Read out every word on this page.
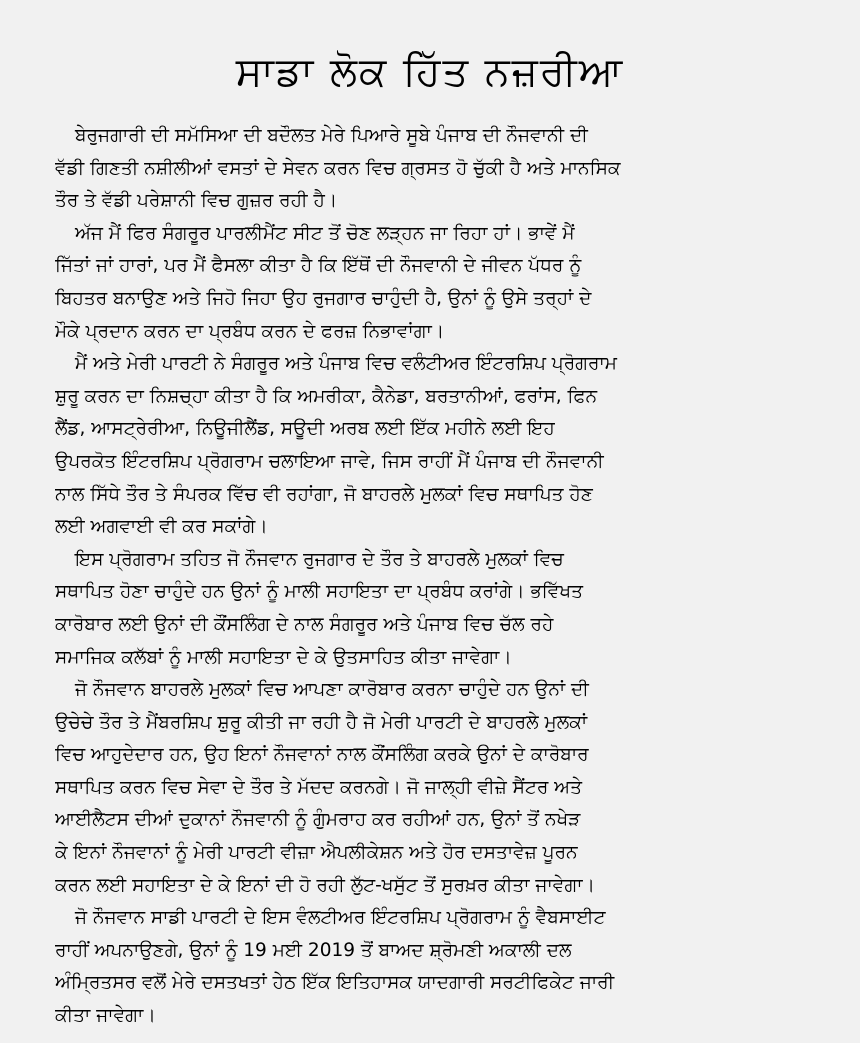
ਸਾਡਾ ਲੋਕ ਹਿੱਤ ਨਜ਼ਰੀਆ

ਬੇਰੁਜਗਾਰੀ ਦੀ ਸਮੱਸਿਆ ਦੀ ਬਦੌਲਤ ਮੇਰੇ ਪਿਆਰੇ ਸੂਬੇ ਪੰਜਾਬ ਦੀ ਨੌਜਵਾਨੀ ਦੀ
ਵੱਡੀ ਗਿਣਤੀ ਨਸ਼ੀਲੀਆਂ ਵਸਤਾਂ ਦੇ ਸੇਵਨ ਕਰਨ ਵਿਚ ਗ੍ਰਸਤ ਹੋ ਚੁੱਕੀ ਹੈ ਅਤੇ ਮਾਨਸਿਕ
ਤੌਰ ਤੇ ਵੱਡੀ ਪਰੇਸ਼ਾਨੀ ਵਿਚ ਗੁਜ਼ਰ ਰਹੀ ਹੈ।

ਅੱਜ ਮੈਂ ਫਿਰ ਸੰਗਰੂਰ ਪਾਰਲੀਮੈਂਟ ਸੀਟ ਤੋਂ ਚੋਣ ਲੜ੍ਹਨ ਜਾ ਰਿਹਾ ਹਾਂ। ਭਾਵੇਂ ਮੈਂ
ਜਿੱਤਾਂ ਜਾਂ ਹਾਰਾਂ, ਪਰ ਮੈਂ ਫੈਸਲਾ ਕੀਤਾ ਹੈ ਕਿ ਇੱਥੋਂ ਦੀ ਨੌਜਵਾਨੀ ਦੇ ਜੀਵਨ ਪੱਧਰ ਨੂੰ
ਬਿਹਤਰ ਬਨਾਉਣ ਅਤੇ ਜਿਹੋ ਜਿਹਾ ਉਹ ਰੁਜਗਾਰ ਚਾਹੁੰਦੀ ਹੈ, ਉਨਾਂ ਨੂੰ ਉਸੇ ਤਰ੍ਹਾਂ ਦੇ
ਮੌਕੇ ਪ੍ਰਦਾਨ ਕਰਨ ਦਾ ਪ੍ਰਬੰਧ ਕਰਨ ਦੇ ਫਰਜ਼ ਨਿਭਾਵਾਂਗਾ।

ਮੈਂ ਅਤੇ ਮੇਰੀ ਪਾਰਟੀ ਨੇ ਸੰਗਰੂਰ ਅਤੇ ਪੰਜਾਬ ਵਿਚ ਵਲੰਟੀਅਰ ਇੰਟਰਸ਼ਿਪ ਪ੍ਰੋਗਰਾਮ
ਸ਼ੁਰੂ ਕਰਨ ਦਾ ਨਿਸ਼ਚ੍ਹਾ ਕੀਤਾ ਹੈ ਕਿ ਅਮਰੀਕਾ, ਕੈਨੇਡਾ, ਬਰਤਾਨੀਆਂ, ਫਰਾਂਸ, ਫਿਨ
ਲੈਂਡ, ਆਸਟ੍ਰੇਰੀਆ, ਨਿਊਜੀਲੈਂਡ, ਸਊਦੀ ਅਰਬ ਲਈ ਇੱਕ ਮਹੀਨੇ ਲਈ ਇਹ
ਉਪਰਕੋਤ ਇੰਟਰਸ਼ਿਪ ਪ੍ਰੋਗਰਾਮ ਚਲਾਇਆ ਜਾਵੇ, ਜਿਸ ਰਾਹੀਂ ਮੈਂ ਪੰਜਾਬ ਦੀ ਨੌਜਵਾਨੀ
ਨਾਲ ਸਿੱਧੇ ਤੌਰ ਤੇ ਸੰਪਰਕ ਵਿੱਚ ਵੀ ਰਹਾਂਗਾ, ਜੋ ਬਾਹਰਲੇ ਮੁਲਕਾਂ ਵਿਚ ਸਥਾਪਿਤ ਹੋਣ
ਲਈ ਅਗਵਾਈ ਵੀ ਕਰ ਸਕਾਂਗੇ।

ਇਸ ਪ੍ਰੋਗਰਾਮ ਤਹਿਤ ਜੋ ਨੌਜਵਾਨ ਰੁਜਗਾਰ ਦੇ ਤੌਰ ਤੇ ਬਾਹਰਲੇ ਮੁਲਕਾਂ ਵਿਚ
ਸਥਾਪਿਤ ਹੋਣਾ ਚਾਹੁੰਦੇ ਹਨ ਉਨਾਂ ਨੂੰ ਮਾਲੀ ਸਹਾਇਤਾ ਦਾ ਪ੍ਰਬੰਧ ਕਰਾਂਗੇ। ਭਵਿੱਖਤ
ਕਾਰੋਬਾਰ ਲਈ ਉਨਾਂ ਦੀ ਕੌਂਸਲਿੰਗ ਦੇ ਨਾਲ ਸੰਗਰੂਰ ਅਤੇ ਪੰਜਾਬ ਵਿਚ ਚੱਲ ਰਹੇ
ਸਮਾਜਿਕ ਕਲੱਬਾਂ ਨੂੰ ਮਾਲੀ ਸਹਾਇਤਾ ਦੇ ਕੇ ਉਤਸਾਹਿਤ ਕੀਤਾ ਜਾਵੇਗਾ।

ਜੋ ਨੌਜਵਾਨ ਬਾਹਰਲੇ ਮੁਲਕਾਂ ਵਿਚ ਆਪਣਾ ਕਾਰੋਬਾਰ ਕਰਨਾ ਚਾਹੁੰਦੇ ਹਨ ਉਨਾਂ ਦੀ
ਉਚੇਚੇ ਤੌਰ ਤੇ ਮੈਂਬਰਸ਼ਿਪ ਸ਼ੁਰੂ ਕੀਤੀ ਜਾ ਰਹੀ ਹੈ ਜੋ ਮੇਰੀ ਪਾਰਟੀ ਦੇ ਬਾਹਰਲੇ ਮੁਲਕਾਂ
ਵਿਚ ਆਹੁਦੇਦਾਰ ਹਨ, ਉਹ ਇਨਾਂ ਨੌਜਵਾਨਾਂ ਨਾਲ ਕੌਂਸਲਿੰਗ ਕਰਕੇ ਉਨਾਂ ਦੇ ਕਾਰੋਬਾਰ
ਸਥਾਪਿਤ ਕਰਨ ਵਿਚ ਸੇਵਾ ਦੇ ਤੌਰ ਤੇ ਮੱਦਦ ਕਰਨਗੇ। ਜੋ ਜਾਲ੍ਹੀ ਵੀਜ਼ੇ ਸੈਂਟਰ ਅਤੇ
ਆਈਲੈਟਸ ਦੀਆਂ ਦੁਕਾਨਾਂ ਨੌਜਵਾਨੀ ਨੂੰ ਗੁੰਮਰਾਹ ਕਰ ਰਹੀਆਂ ਹਨ, ਉਨਾਂ ਤੋਂ ਨਖੇੜ
ਕੇ ਇਨਾਂ ਨੌਜਵਾਨਾਂ ਨੂੰ ਮੇਰੀ ਪਾਰਟੀ ਵੀਜ਼ਾ ਐਪਲੀਕੇਸ਼ਨ ਅਤੇ ਹੋਰ ਦਸਤਾਵੇਜ਼ ਪੂਰਨ
ਕਰਨ ਲਈ ਸਹਾਇਤਾ ਦੇ ਕੇ ਇਨਾਂ ਦੀ ਹੋ ਰਹੀ ਲੁੱਟ-ਖਸੁੱਟ ਤੋਂ ਸੁਰਖ਼ਰ ਕੀਤਾ ਜਾਵੇਗਾ।

ਜੋ ਨੌਜਵਾਨ ਸਾਡੀ ਪਾਰਟੀ ਦੇ ਇਸ ਵੰਲਟੀਅਰ ਇੰਟਰਸ਼ਿਪ ਪ੍ਰੋਗਰਾਮ ਨੂੰ ਵੈਬਸਾਈਟ
ਰਾਹੀਂ ਅਪਨਾਉਣਗੇ, ਉਨਾਂ ਨੂੰ 19 ਮਈ 2019 ਤੋਂ ਬਾਅਦ ਸ਼੍ਰੋਮਣੀ ਅਕਾਲੀ ਦਲ
ਅੰਮ੍ਰਿਤਸਰ ਵਲੋਂ ਮੇਰੇ ਦਸਤਖਤਾਂ ਹੇਠ ਇੱਕ ਇਤਿਹਾਸਕ ਯਾਦਗਾਰੀ ਸਰਟੀਫਿਕੇਟ ਜਾਰੀ
ਕੀਤਾ ਜਾਵੇਗਾ।
